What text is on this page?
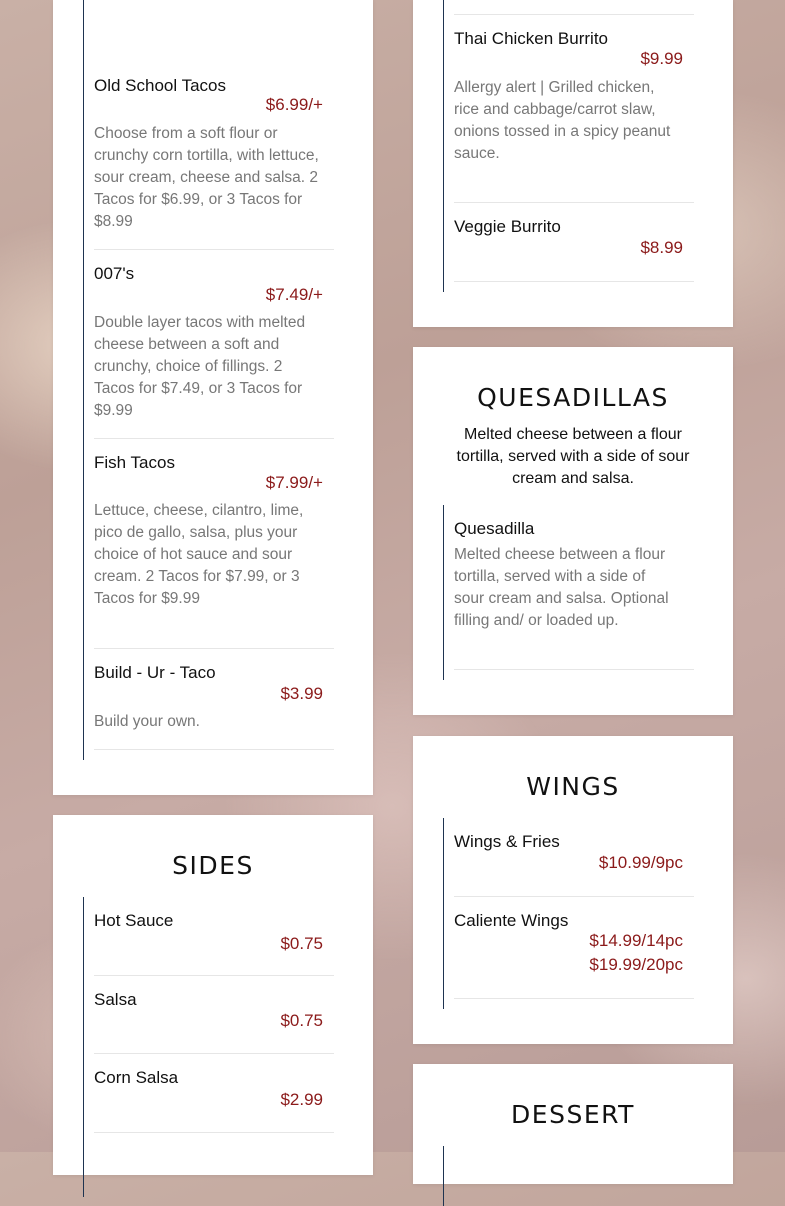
Old School Tacos
$6.99/+
Choose from a soft flour or crunchy corn tortilla, with lettuce, sour cream, cheese and salsa. 2 Tacos for $6.99, or 3 Tacos for $8.99
007's
$7.49/+
Double layer tacos with melted cheese between a soft and crunchy, choice of fillings. 2 Tacos for $7.49, or 3 Tacos for $9.99
Fish Tacos
$7.99/+
Lettuce, cheese, cilantro, lime, pico de gallo, salsa, plus your choice of hot sauce and sour cream. 2 Tacos for $7.99, or 3 Tacos for $9.99
Build - Ur - Taco
$3.99
Build your own.
SIDES
Hot Sauce
$0.75
Salsa
$0.75
Corn Salsa
$2.99
Thai Chicken Burrito
$9.99
Allergy alert | Grilled chicken, rice and cabbage/carrot slaw, onions tossed in a spicy peanut sauce.
Veggie Burrito
$8.99
QUESADILLAS

Melted cheese between a flour tortilla, served with a side of sour cream and salsa.

Quesadilla
Melted cheese between a flour tortilla, served with a side of sour cream and salsa. Optional filling and/ or loaded up.
WINGS
Wings & Fries
$10.99/9pc
Caliente Wings
$14.99/14pc
$19.99/20pc
DESSERT
